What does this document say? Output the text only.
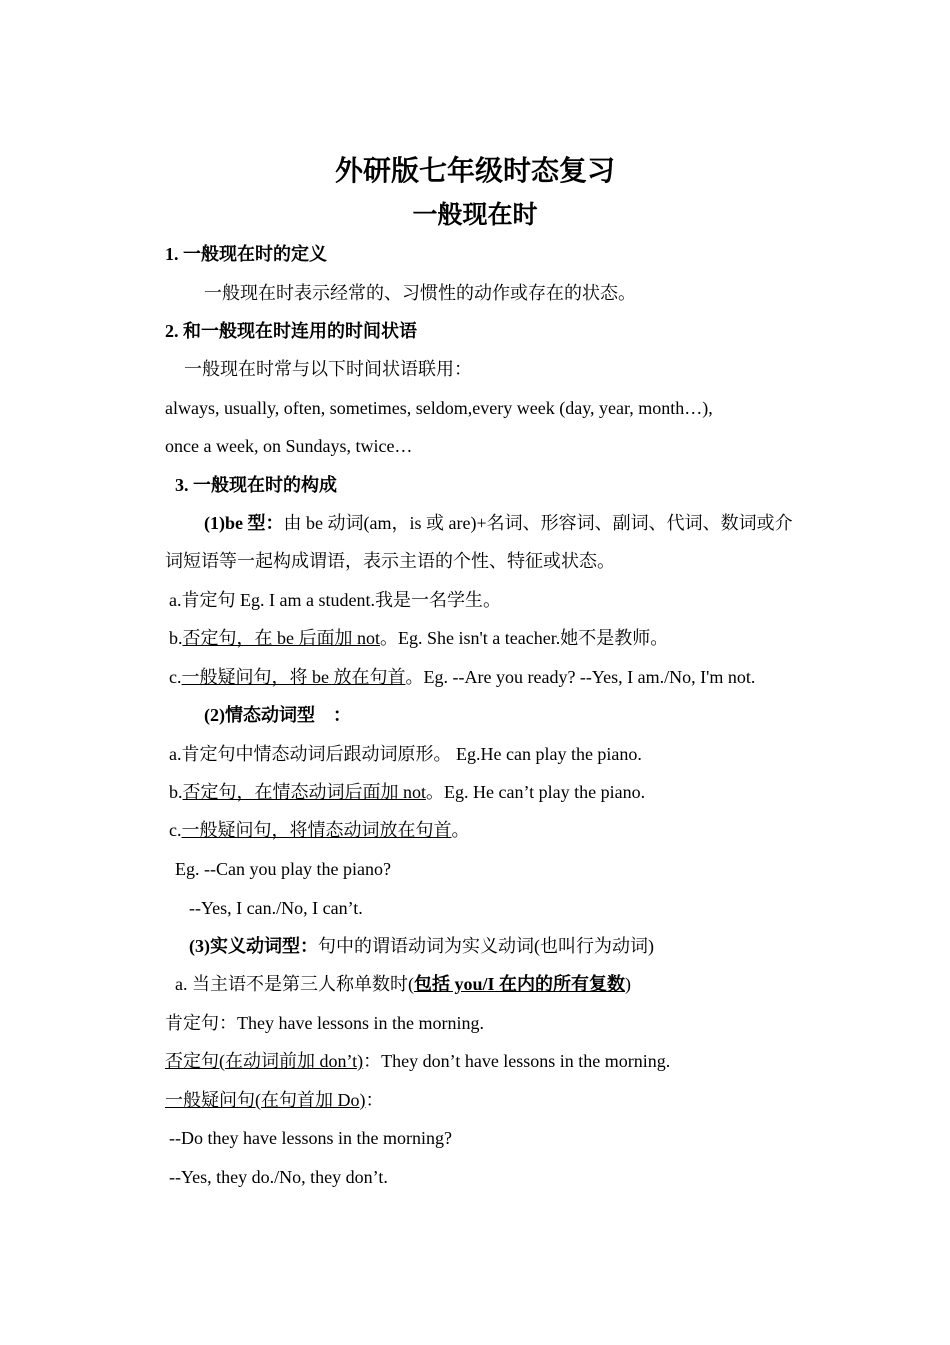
外研版七年级时态复习
一般现在时
1. 一般现在时的定义
一般现在时表示经常的、习惯性的动作或存在的状态。
2. 和一般现在时连用的时间状语
一般现在时常与以下时间状语联用：
always, usually, often, sometimes, seldom,every week (day, year, month…),
once a week, on Sundays, twice…
3. 一般现在时的构成
(1)be 型：由 be 动词(am，is 或 are)+名词、形容词、副词、代词、数词或介
词短语等一起构成谓语，表示主语的个性、特征或状态。
a.肯定句 Eg. I am a student.我是一名学生。
b.否定句，在 be 后面加 not。Eg. She isn't a teacher.她不是教师。
c.一般疑问句，将 be 放在句首。Eg. --Are you ready? --Yes, I am./No, I'm not.
(2)情态动词型　：
a.肯定句中情态动词后跟动词原形。 Eg.He can play the piano.
b.否定句，在情态动词后面加 not。Eg. He can’t play the piano.
c.一般疑问句，将情态动词放在句首。
Eg. --Can you play the piano?
--Yes, I can./No, I can’t.
(3)实义动词型：句中的谓语动词为实义动词(也叫行为动词)
a. 当主语不是第三人称单数时(包括 you/I 在内的所有复数)
肯定句：They have lessons in the morning.
否定句(在动词前加 don’t)：They don’t have lessons in the morning.
一般疑问句(在句首加 Do)：
--Do they have lessons in the morning?
--Yes, they do./No, they don’t.
